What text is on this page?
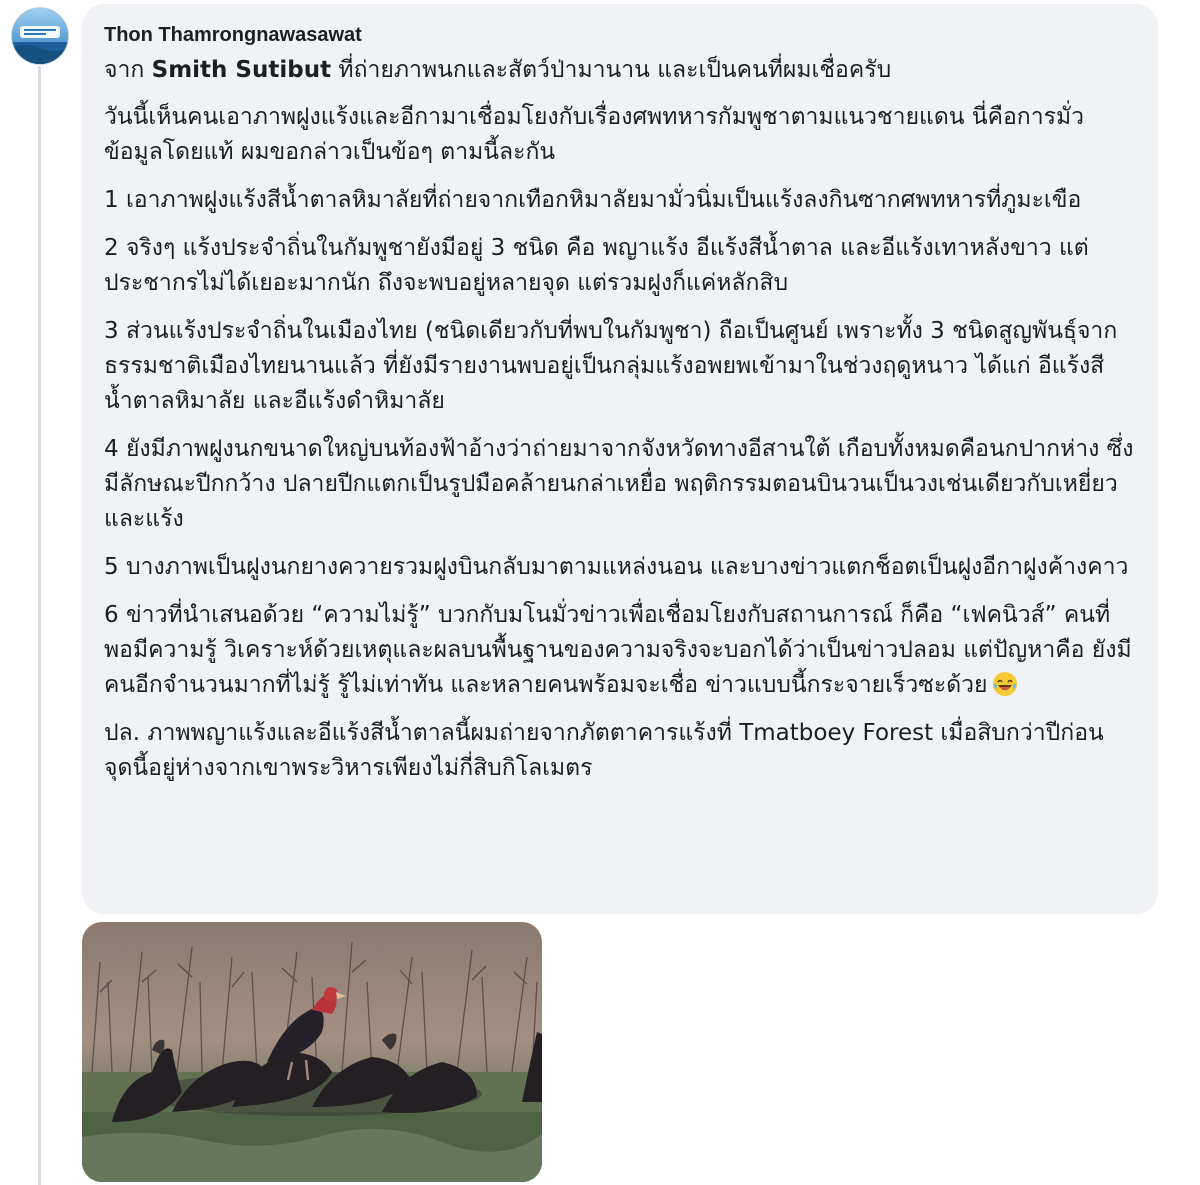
Thon Thamrongnawasawat
จาก Smith Sutibut ที่ถ่ายภาพนกและสัตว์ป่ามานาน และเป็นคนที่ผมเชื่อครับ
วันนี้เห็นคนเอาภาพฝูงแร้งและอีกามาเชื่อมโยงกับเรื่องศพทหารกัมพูชาตามแนวชายแดน นี่คือการมั่วข้อมูลโดยแท้ ผมขอกล่าวเป็นข้อๆ ตามนี้ละกัน
1 เอาภาพฝูงแร้งสีน้ำตาลหิมาลัยที่ถ่ายจากเทือกหิมาลัยมามั่วนิ่มเป็นแร้งลงกินซากศพทหารที่ภูมะเขือ
2 จริงๆ แร้งประจำถิ่นในกัมพูชายังมีอยู่ 3 ชนิด คือ พญาแร้ง อีแร้งสีน้ำตาล และอีแร้งเทาหลังขาว แต่ประชากรไม่ได้เยอะมากนัก ถึงจะพบอยู่หลายจุด แต่รวมฝูงก็แค่หลักสิบ
3 ส่วนแร้งประจำถิ่นในเมืองไทย (ชนิดเดียวกับที่พบในกัมพูชา) ถือเป็นศูนย์ เพราะทั้ง 3 ชนิดสูญพันธุ์จากธรรมชาติเมืองไทยนานแล้ว ที่ยังมีรายงานพบอยู่เป็นกลุ่มแร้งอพยพเข้ามาในช่วงฤดูหนาว ได้แก่ อีแร้งสีน้ำตาลหิมาลัย และอีแร้งดำหิมาลัย
4 ยังมีภาพฝูงนกขนาดใหญ่บนท้องฟ้าอ้างว่าถ่ายมาจากจังหวัดทางอีสานใต้ เกือบทั้งหมดคือนกปากห่าง ซึ่งมีลักษณะปีกกว้าง ปลายปีกแตกเป็นรูปมือคล้ายนกล่าเหยื่อ พฤติกรรมตอนบินวนเป็นวงเช่นเดียวกับเหยี่ยวและแร้ง
5 บางภาพเป็นฝูงนกยางควายรวมฝูงบินกลับมาตามแหล่งนอน และบางข่าวแตกช็อตเป็นฝูงอีกาฝูงค้างคาว
6 ข่าวที่นำเสนอด้วย “ความไม่รู้” บวกกับมโนมั่วข่าวเพื่อเชื่อมโยงกับสถานการณ์ ก็คือ “เฟคนิวส์” คนที่พอมีความรู้ วิเคราะห์ด้วยเหตุและผลบนพื้นฐานของความจริงจะบอกได้ว่าเป็นข่าวปลอม แต่ปัญหาคือ ยังมีคนอีกจำนวนมากที่ไม่รู้ รู้ไม่เท่าทัน และหลายคนพร้อมจะเชื่อ ข่าวแบบนี้กระจายเร็วซะด้วย
ปล. ภาพพญาแร้งและอีแร้งสีน้ำตาลนี้ผมถ่ายจากภัตตาคารแร้งที่ Tmatboey Forest เมื่อสิบกว่าปีก่อน จุดนี้อยู่ห่างจากเขาพระวิหารเพียงไม่กี่สิบกิโลเมตร
